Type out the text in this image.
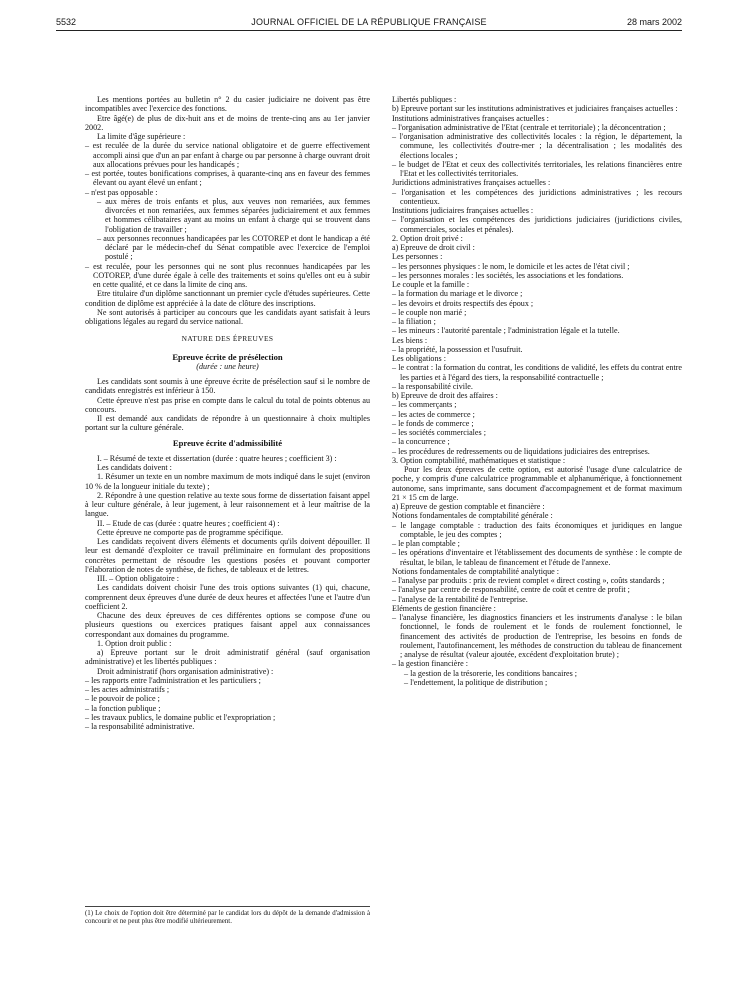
5532	JOURNAL OFFICIEL DE LA RÉPUBLIQUE FRANÇAISE	28 mars 2002

Les mentions portées au bulletin n° 2 du casier judiciaire ne doivent pas être incompatibles avec l'exercice des fonctions.

Etre âgé(e) de plus de dix-huit ans et de moins de trente-cinq ans au 1er janvier 2002.

La limite d'âge supérieure :

– est reculée de la durée du service national obligatoire et de guerre effectivement accompli ainsi que d'un an par enfant à charge ou par personne à charge ouvrant droit aux allocations prévues pour les handicapés ;

– est portée, toutes bonifications comprises, à quarante-cinq ans en faveur des femmes élevant ou ayant élevé un enfant ;

– n'est pas opposable :

– aux mères de trois enfants et plus, aux veuves non remariées, aux femmes divorcées et non remariées, aux femmes séparées judiciairement et aux femmes et hommes célibataires ayant au moins un enfant à charge qui se trouvent dans l'obligation de travailler ;

– aux personnes reconnues handicapées par les COTOREP et dont le handicap a été déclaré par le médecin-chef du Sénat compatible avec l'exercice de l'emploi postulé ;

– est reculée, pour les personnes qui ne sont plus reconnues handicapées par les COTOREP, d'une durée égale à celle des traitements et soins qu'elles ont eu à subir en cette qualité, et ce dans la limite de cinq ans.

Etre titulaire d'un diplôme sanctionnant un premier cycle d'études supérieures. Cette condition de diplôme est appréciée à la date de clôture des inscriptions.

Ne sont autorisés à participer au concours que les candidats ayant satisfait à leurs obligations légales au regard du service national.

NATURE DES ÉPREUVES

Epreuve écrite de présélection

(durée : une heure)

Les candidats sont soumis à une épreuve écrite de présélection sauf si le nombre de candidats enregistrés est inférieur à 150.

Cette épreuve n'est pas prise en compte dans le calcul du total de points obtenus au concours.

Il est demandé aux candidats de répondre à un questionnaire à choix multiples portant sur la culture générale.

Epreuve écrite d'admissibilité

I. – Résumé de texte et dissertation (durée : quatre heures ; coefficient 3) :

Les candidats doivent :

1. Résumer un texte en un nombre maximum de mots indiqué dans le sujet (environ 10 % de la longueur initiale du texte) ;

2. Répondre à une question relative au texte sous forme de dissertation faisant appel à leur culture générale, à leur jugement, à leur raisonnement et à leur maîtrise de la langue.

II. – Etude de cas (durée : quatre heures ; coefficient 4) :

Cette épreuve ne comporte pas de programme spécifique.

Les candidats reçoivent divers éléments et documents qu'ils doivent dépouiller. Il leur est demandé d'exploiter ce travail préliminaire en formulant des propositions concrètes permettant de résoudre les questions posées et pouvant comporter l'élaboration de notes de synthèse, de fiches, de tableaux et de lettres.

III. – Option obligatoire :

Les candidats doivent choisir l'une des trois options suivantes (1) qui, chacune, comprennent deux épreuves d'une durée de deux heures et affectées l'une et l'autre d'un coefficient 2.

Chacune des deux épreuves de ces différentes options se compose d'une ou plusieurs questions ou exercices pratiques faisant appel aux connaissances correspondant aux domaines du programme.

1. Option droit public :

a) Epreuve portant sur le droit administratif général (sauf organisation administrative) et les libertés publiques :

Droit administratif (hors organisation administrative) :

– les rapports entre l'administration et les particuliers ;

– les actes administratifs ;

– le pouvoir de police ;

– la fonction publique ;

– les travaux publics, le domaine public et l'expropriation ;

– la responsabilité administrative.

Libertés publiques :

b) Epreuve portant sur les institutions administratives et judiciaires françaises actuelles :

Institutions administratives françaises actuelles :

– l'organisation administrative de l'Etat (centrale et territoriale) ; la déconcentration ;

– l'organisation administrative des collectivités locales : la région, le département, la commune, les collectivités d'outre-mer ; la décentralisation ; les modalités des élections locales ;

– le budget de l'Etat et ceux des collectivités territoriales, les relations financières entre l'Etat et les collectivités territoriales.

Juridictions administratives françaises actuelles :

– l'organisation et les compétences des juridictions administratives ; les recours contentieux.

Institutions judiciaires françaises actuelles :

– l'organisation et les compétences des juridictions judiciaires (juridictions civiles, commerciales, sociales et pénales).

2. Option droit privé :

a) Epreuve de droit civil :

Les personnes :

– les personnes physiques : le nom, le domicile et les actes de l'état civil ;

– les personnes morales : les sociétés, les associations et les fondations.

Le couple et la famille :

– la formation du mariage et le divorce ;

– les devoirs et droits respectifs des époux ;

– le couple non marié ;

– la filiation ;

– les mineurs : l'autorité parentale ; l'administration légale et la tutelle.

Les biens :

– la propriété, la possession et l'usufruit.

Les obligations :

– le contrat : la formation du contrat, les conditions de validité, les effets du contrat entre les parties et à l'égard des tiers, la responsabilité contractuelle ;

– la responsabilité civile.

b) Epreuve de droit des affaires :

– les commerçants ;

– les actes de commerce ;

– le fonds de commerce ;

– les sociétés commerciales ;

– la concurrence ;

– les procédures de redressements ou de liquidations judiciaires des entreprises.

3. Option comptabilité, mathématiques et statistique :

Pour les deux épreuves de cette option, est autorisé l'usage d'une calculatrice de poche, y compris d'une calculatrice programmable et alphanumérique, à fonctionnement autonome, sans imprimante, sans document d'accompagnement et de format maximum 21 × 15 cm de large.

a) Epreuve de gestion comptable et financière :

Notions fondamentales de comptabilité générale :

– le langage comptable : traduction des faits économiques et juridiques en langue comptable, le jeu des comptes ;

– le plan comptable ;

– les opérations d'inventaire et l'établissement des documents de synthèse : le compte de résultat, le bilan, le tableau de financement et l'étude de l'annexe.

Notions fondamentales de comptabilité analytique :

– l'analyse par produits : prix de revient complet « direct costing », coûts standards ;

– l'analyse par centre de responsabilité, centre de coût et centre de profit ;

– l'analyse de la rentabilité de l'entreprise.

Eléments de gestion financière :

– l'analyse financière, les diagnostics financiers et les instruments d'analyse : le bilan fonctionnel, le fonds de roulement et le fonds de roulement fonctionnel, le financement des activités de production de l'entreprise, les besoins en fonds de roulement, l'autofinancement, les méthodes de construction du tableau de financement ; analyse de résultat (valeur ajoutée, excédent d'exploitation brute) ;

– la gestion financière :

– la gestion de la trésorerie, les conditions bancaires ;

– l'endettement, la politique de distribution ;

(1) Le choix de l'option doit être déterminé par le candidat lors du dépôt de la demande d'admission à concourir et ne peut plus être modifié ultérieurement.
